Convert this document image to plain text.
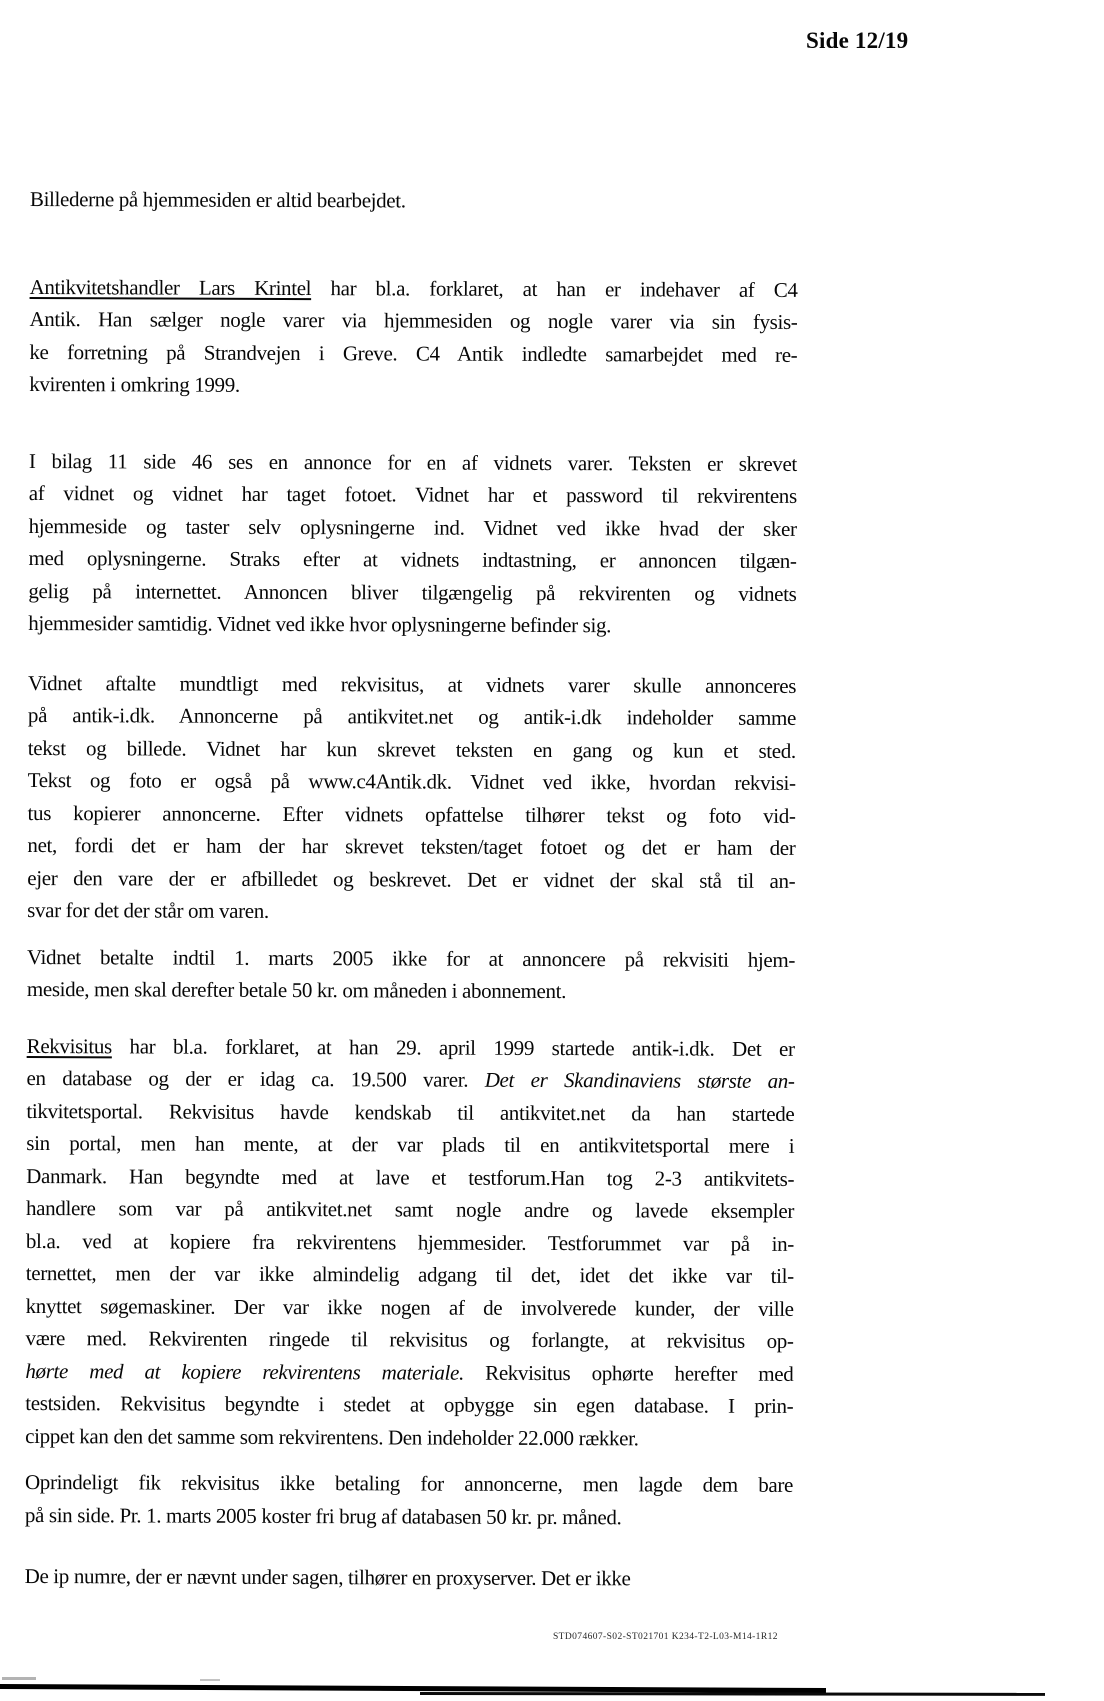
Side 12/19
Billederne på hjemmesiden er altid bearbejdet.
Antikvitetshandler Lars Krintel har bl.a. forklaret, at han er indehaver af C4
Antik. Han sælger nogle varer via hjemmesiden og nogle varer via sin fysis-
ke forretning på Strandvejen i Greve. C4 Antik indledte samarbejdet med re-
kvirenten i omkring 1999.
I bilag 11 side 46 ses en annonce for en af vidnets varer. Teksten er skrevet
af vidnet og vidnet har taget fotoet. Vidnet har et password til rekvirentens
hjemmeside og taster selv oplysningerne ind. Vidnet ved ikke hvad der sker
med oplysningerne. Straks efter at vidnets indtastning, er annoncen tilgæn-
gelig på internettet. Annoncen bliver tilgængelig på rekvirenten og vidnets
hjemmesider samtidig. Vidnet ved ikke hvor oplysningerne befinder sig.
Vidnet aftalte mundtligt med rekvisitus, at vidnets varer skulle annonceres
på antik-i.dk. Annoncerne på antikvitet.net og antik-i.dk indeholder samme
tekst og billede. Vidnet har kun skrevet teksten en gang og kun et sted.
Tekst og foto er også på www.c4Antik.dk. Vidnet ved ikke, hvordan rekvisi-
tus kopierer annoncerne. Efter vidnets opfattelse tilhører tekst og foto vid-
net, fordi det er ham der har skrevet teksten/taget fotoet og det er ham der
ejer den vare der er afbilledet og beskrevet. Det er vidnet der skal stå til an-
svar for det der står om varen.
Vidnet betalte indtil 1. marts 2005 ikke for at annoncere på rekvisiti hjem-
meside, men skal derefter betale 50 kr. om måneden i abonnement.
Rekvisitus har bl.a. forklaret, at han 29. april 1999 startede antik-i.dk. Det er
en database og der er idag ca. 19.500 varer. Det er Skandinaviens største an-
tikvitetsportal. Rekvisitus havde kendskab til antikvitet.net da han startede
sin portal, men han mente, at der var plads til en antikvitetsportal mere i
Danmark. Han begyndte med at lave et testforum.Han tog 2-3 antikvitets-
handlere som var på antikvitet.net samt nogle andre og lavede eksempler
bl.a. ved at kopiere fra rekvirentens hjemmesider. Testforummet var på in-
ternettet, men der var ikke almindelig adgang til det, idet det ikke var til-
knyttet søgemaskiner. Der var ikke nogen af de involverede kunder, der ville
være med. Rekvirenten ringede til rekvisitus og forlangte, at rekvisitus op-
hørte med at kopiere rekvirentens materiale. Rekvisitus ophørte herefter med
testsiden. Rekvisitus begyndte i stedet at opbygge sin egen database. I prin-
cippet kan den det samme som rekvirentens. Den indeholder 22.000 rækker.
Oprindeligt fik rekvisitus ikke betaling for annoncerne, men lagde dem bare
på sin side. Pr. 1. marts 2005 koster fri brug af databasen 50 kr. pr. måned.
De ip numre, der er nævnt under sagen, tilhører en proxyserver. Det er ikke
STD074607-S02-ST021701 K234-T2-L03-M14-1R12
